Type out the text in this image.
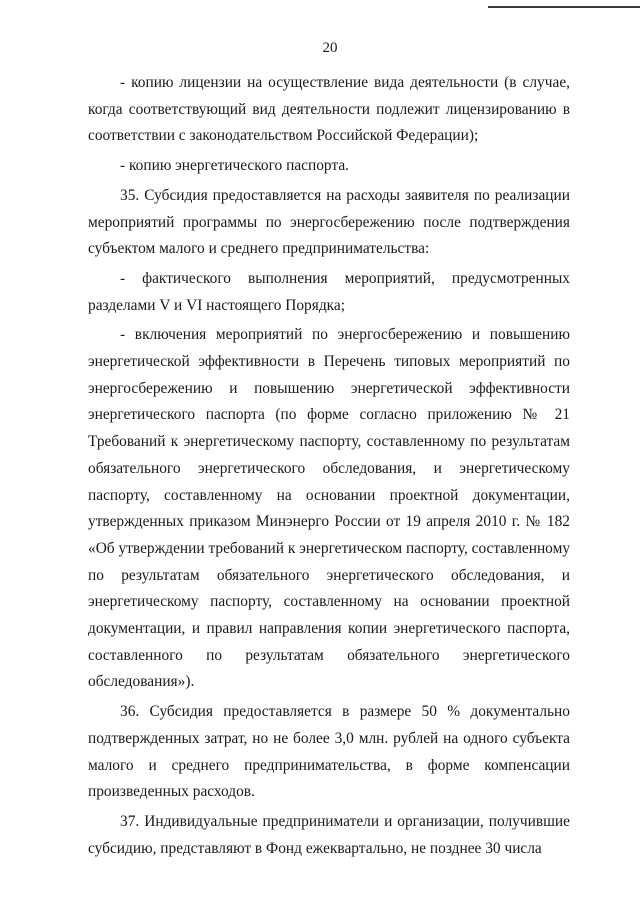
20

- копию лицензии на осуществление вида деятельности (в случае, когда соответствующий вид деятельности подлежит лицензированию в соответствии с законодательством Российской Федерации);

- копию энергетического паспорта.

35. Субсидия предоставляется на расходы заявителя по реализации мероприятий программы по энергосбережению после подтверждения субъектом малого и среднего предпринимательства:

- фактического выполнения мероприятий, предусмотренных разделами V и VI настоящего Порядка;

- включения мероприятий по энергосбережению и повышению энергетической эффективности в Перечень типовых мероприятий по энергосбережению и повышению энергетической эффективности энергетического паспорта (по форме согласно приложению № 21 Требований к энергетическому паспорту, составленному по результатам обязательного энергетического обследования, и энергетическому паспорту, составленному на основании проектной документации, утвержденных приказом Минэнерго России от 19 апреля 2010 г. № 182 «Об утверждении требований к энергетическом паспорту, составленному по результатам обязательного энергетического обследования, и энергетическому паспорту, составленному на основании проектной документации, и правил направления копии энергетического паспорта, составленного по результатам обязательного энергетического обследования»).

36. Субсидия предоставляется в размере 50 % документально подтвержденных затрат, но не более 3,0 млн. рублей на одного субъекта малого и среднего предпринимательства, в форме компенсации произведенных расходов.

37. Индивидуальные предприниматели и организации, получившие субсидию, представляют в Фонд ежеквартально, не позднее 30 числа
